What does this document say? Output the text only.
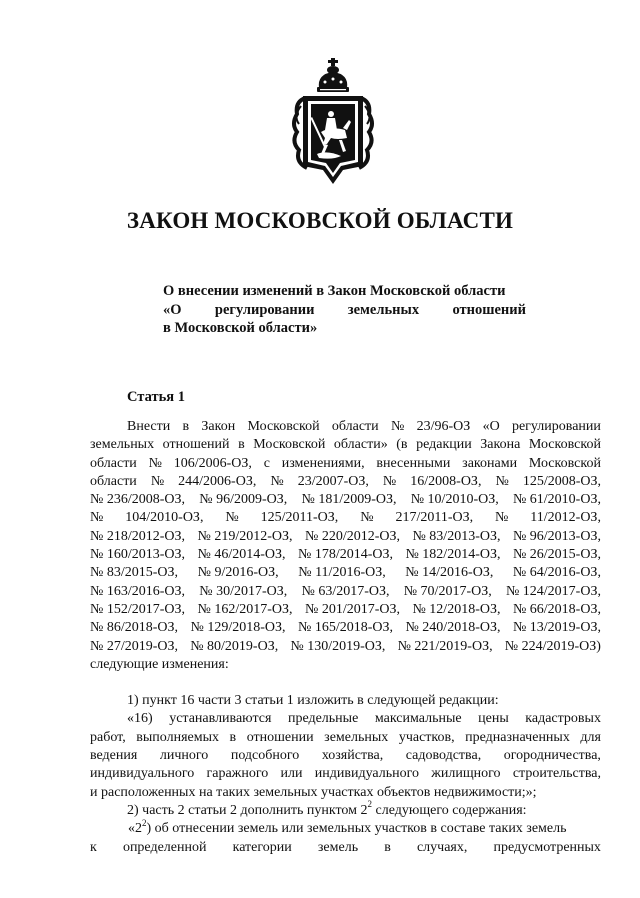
ЗАКОН МОСКОВСКОЙ ОБЛАСТИ
О внесении изменений в Закон Московской области
«О регулировании земельных отношений
в Московской области»
Статья 1
Внести в Закон Московской области № 23/96-ОЗ «О регулировании
земельных отношений в Московской области» (в редакции Закона Московской
области № 106/2006-ОЗ, с изменениями, внесенными законами Московской
области № 244/2006-ОЗ, № 23/2007-ОЗ, № 16/2008-ОЗ, № 125/2008-ОЗ,
№ 236/2008-ОЗ, № 96/2009-ОЗ, № 181/2009-ОЗ, № 10/2010-ОЗ, № 61/2010-ОЗ,
№ 104/2010-ОЗ, № 125/2011-ОЗ, № 217/2011-ОЗ, № 11/2012-ОЗ,
№ 218/2012-ОЗ, № 219/2012-ОЗ, № 220/2012-ОЗ, № 83/2013-ОЗ, № 96/2013-ОЗ,
№ 160/2013-ОЗ, № 46/2014-ОЗ, № 178/2014-ОЗ, № 182/2014-ОЗ, № 26/2015-ОЗ,
№ 83/2015-ОЗ, № 9/2016-ОЗ, № 11/2016-ОЗ, № 14/2016-ОЗ, № 64/2016-ОЗ,
№ 163/2016-ОЗ, № 30/2017-ОЗ, № 63/2017-ОЗ, № 70/2017-ОЗ, № 124/2017-ОЗ,
№ 152/2017-ОЗ, № 162/2017-ОЗ, № 201/2017-ОЗ, № 12/2018-ОЗ, № 66/2018-ОЗ,
№ 86/2018-ОЗ, № 129/2018-ОЗ, № 165/2018-ОЗ, № 240/2018-ОЗ, № 13/2019-ОЗ,
№ 27/2019-ОЗ, № 80/2019-ОЗ, № 130/2019-ОЗ, № 221/2019-ОЗ, № 224/2019-ОЗ)
следующие изменения:
1) пункт 16 части 3 статьи 1 изложить в следующей редакции:
«16) устанавливаются предельные максимальные цены кадастровых
работ, выполняемых в отношении земельных участков, предназначенных для
ведения личного подсобного хозяйства, садоводства, огородничества,
индивидуального гаражного или индивидуального жилищного строительства,
и расположенных на таких земельных участках объектов недвижимости;»;
2) часть 2 статьи 2 дополнить пунктом $2^2$ следующего содержания:
«$2^2$) об отнесении земель или земельных участков в составе таких земель
к определенной категории земель в случаях, предусмотренных
